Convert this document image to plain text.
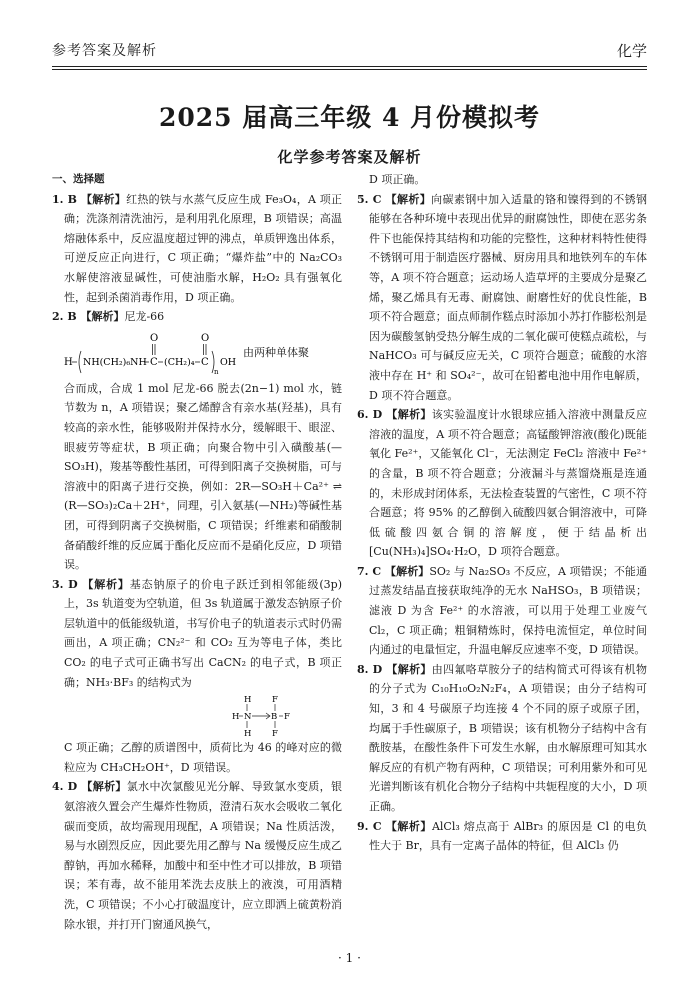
参考答案及解析	化学
2025 届高三年级 4 月份模拟考
化学参考答案及解析
一、选择题

1. B 【解析】红热的铁与水蒸气反应生成 Fe₃O₄，A 项正确；洗涤剂清洗油污，是利用乳化原理，B 项错误；高温熔融体系中，反应温度超过钾的沸点，单质钾逸出体系，可逆反应正向进行，C 项正确；“爆炸盐”中的 Na₂CO₃ 水解使溶液显碱性，可使油脂水解，H₂O₂ 具有强氧化性，起到杀菌消毒作用，D 项正确。

2. B 【解析】尼龙-66

H NH(CH₂)₆NH C
O
(CH₂)₄ C
O
n
OH
由两种单体聚

合而成，合成 1 mol 尼龙-66 脱去(2n−1) mol 水，链节数为 n，A 项错误；聚乙烯醇含有亲水基(羟基)，具有较高的亲水性，能够吸附并保持水分，缓解眼干、眼涩、眼疲劳等症状，B 项正确；向聚合物中引入磺酸基(—SO₃H)，羧基等酸性基团，可得到阳离子交换树脂，可与溶液中的阳离子进行交换，例如：2R—SO₃H＋Ca²⁺ ⇌ (R—SO₃)₂Ca＋2H⁺，同理，引入氨基(—NH₂)等碱性基团，可得到阴离子交换树脂，C 项错误；纤维素和硝酸制备硝酸纤维的反应属于酯化反应而不是硝化反应，D 项错误。

3. D 【解析】基态钠原子的价电子跃迁到相邻能级(3p)上，3s 轨道变为空轨道，但 3s 轨道属于激发态钠原子价层轨道中的低能级轨道，书写价电子的轨道表示式时仍需画出，A 项正确；CN₂²⁻ 和 CO₂ 互为等电子体，类比 CO₂ 的电子式可正确书写出 CaCN₂ 的电子式，B 项正确；NH₃·BF₃ 的结构式为

H F
H N B F
H F

C 项正确；乙醇的质谱图中，质荷比为 46 的峰对应的微粒应为 CH₃CH₂OH⁺，D 项错误。

4. D 【解析】氯水中次氯酸见光分解、导致氯水变质，银氨溶液久置会产生爆炸性物质，澄清石灰水会吸收二氧化碳而变质，故均需现用现配，A 项错误；Na 性质活泼，易与水剧烈反应，因此要先用乙醇与 Na 缓慢反应生成乙醇钠，再加水稀释，加酸中和至中性才可以排放，B 项错误；苯有毒，故不能用苯洗去皮肤上的液溴，可用酒精洗，C 项错误；不小心打破温度计，应立即洒上硫黄粉消除水银，并打开门窗通风换气，

D 项正确。

5. C 【解析】向碳素钢中加入适量的铬和镍得到的不锈钢能够在各种环境中表现出优异的耐腐蚀性，即使在恶劣条件下也能保持其结构和功能的完整性，这种材料特性使得不锈钢可用于制造医疗器械、厨房用具和地铁列车的车体等，A 项不符合题意；运动场人造草坪的主要成分是聚乙烯，聚乙烯具有无毒、耐腐蚀、耐磨性好的优良性能，B 项不符合题意；面点师制作糕点时添加小苏打作膨松剂是因为碳酸氢钠受热分解生成的二氧化碳可使糕点疏松，与 NaHCO₃ 可与碱反应无关，C 项符合题意；硫酸的水溶液中存在 H⁺ 和 SO₄²⁻，故可在铅蓄电池中用作电解质，D 项不符合题意。

6. D 【解析】该实验温度计水银球应插入溶液中测量反应溶液的温度，A 项不符合题意；高锰酸钾溶液(酸化)既能氧化 Fe²⁺，又能氧化 Cl⁻，无法测定 FeCl₂ 溶液中 Fe²⁺ 的含量，B 项不符合题意；分液漏斗与蒸馏烧瓶是连通的，未形成封闭体系，无法检查装置的气密性，C 项不符合题意；将 95% 的乙醇倒入硫酸四氨合铜溶液中，可降低硫酸四氨合铜的溶解度，便于结晶析出[Cu(NH₃)₄]SO₄·H₂O，D 项符合题意。

7. C 【解析】SO₂ 与 Na₂SO₃ 不反应，A 项错误；不能通过蒸发结晶直接获取纯净的无水 NaHSO₃，B 项错误；滤液 D 为含 Fe²⁺ 的水溶液，可以用于处理工业废气 Cl₂，C 项正确；粗铜精炼时，保持电流恒定，单位时间内通过的电量恒定，升温电解反应速率不变，D 项错误。

8. D 【解析】由四氟咯草胺分子的结构简式可得该有机物的分子式为 C₁₀H₁₀O₂N₂F₄，A 项错误；由分子结构可知，3 和 4 号碳原子均连接 4 个不同的原子或原子团，均属于手性碳原子，B 项错误；该有机物分子结构中含有酰胺基，在酸性条件下可发生水解，由水解原理可知其水解反应的有机产物有两种，C 项错误；可利用紫外和可见光谱判断该有机化合物分子结构中共轭程度的大小，D 项正确。

9. C 【解析】AlCl₃ 熔点高于 AlBr₃ 的原因是 Cl 的电负性大于 Br，具有一定离子晶体的特征，但 AlCl₃ 仍

· 1 ·
